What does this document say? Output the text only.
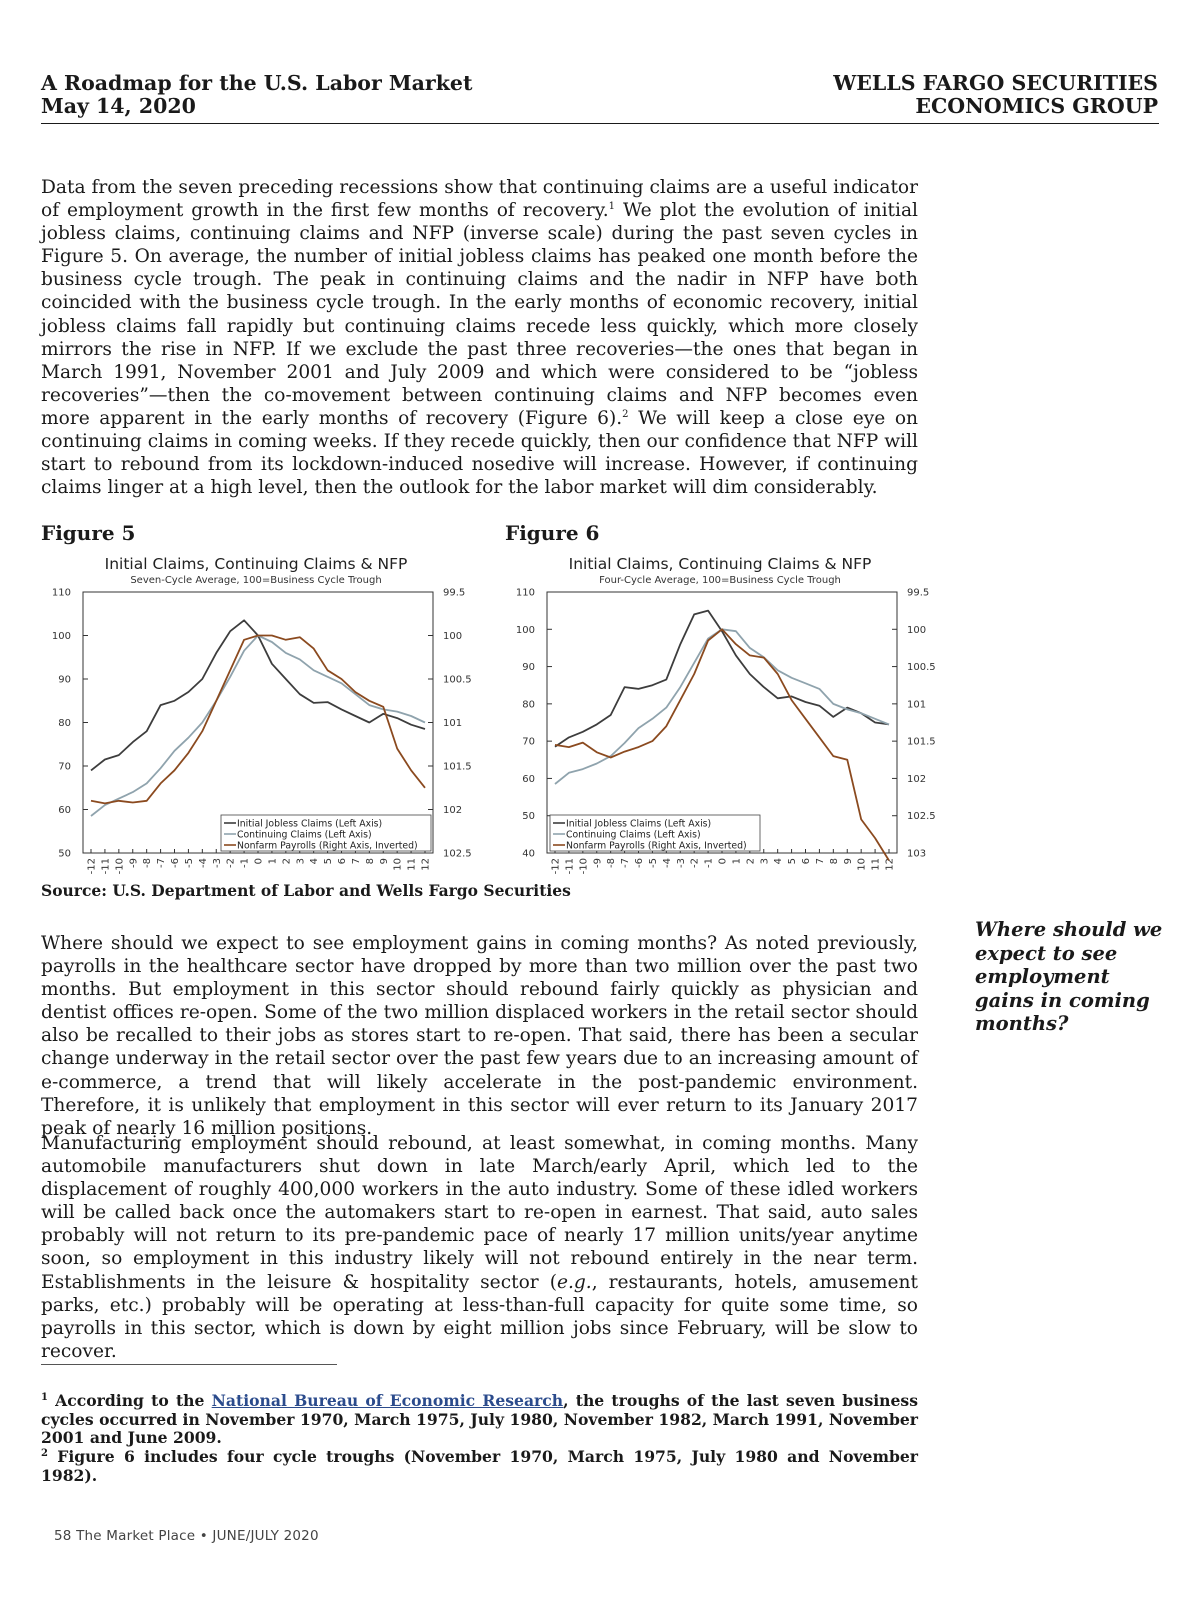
A Roadmap for the U.S. Labor Market
May 14, 2020
WELLS FARGO SECURITIES
ECONOMICS GROUP
Data from the seven preceding recessions show that continuing claims are a useful indicator of employment growth in the first few months of recovery.$^1$ We plot the evolution of initial jobless claims, continuing claims and NFP (inverse scale) during the past seven cycles in Figure 5. On average, the number of initial jobless claims has peaked one month before the business cycle trough. The peak in continuing claims and the nadir in NFP have both coincided with the business cycle trough. In the early months of economic recovery, initial jobless claims fall rapidly but continuing claims recede less quickly, which more closely mirrors the rise in NFP. If we exclude the past three recoveries—the ones that began in March 1991, November 2001 and July 2009 and which were considered to be “jobless recoveries”—then the co-movement between continuing claims and NFP becomes even more apparent in the early months of recovery (Figure 6).$^2$ We will keep a close eye on continuing claims in coming weeks. If they recede quickly, then our confidence that NFP will start to rebound from its lockdown-induced nosedive will increase. However, if continuing claims linger at a high level, then the outlook for the labor market will dim considerably.
Figure 5	Figure 6
Initial Claims, Continuing Claims & NFP
Seven-Cycle Average, 100=Business Cycle Trough
50
60
70
80
90
100
110	99.5
100
100.5
101
101.5
102
102.5
-12 -11 -10 -9 -8 -7 -6 -5 -4 -3 -2 -1 0 1 2 3 4 5 6 7 8 9 10 11 12
Initial Jobless Claims (Left Axis)
Continuing Claims (Left Axis)
Nonfarm Payrolls (Right Axis, Inverted)
Initial Claims, Continuing Claims & NFP
Four-Cycle Average, 100=Business Cycle Trough
40
50
60
70
80
90
100
110	99.5
100
100.5
101
101.5
102
102.5
103
-12 -11 -10 -9 -8 -7 -6 -5 -4 -3 -2 -1 0 1 2 3 4 5 6 7 8 9 10 11 12
Initial Jobless Claims (Left Axis)
Continuing Claims (Left Axis)
Nonfarm Payrolls (Right Axis, Inverted)
Source: U.S. Department of Labor and Wells Fargo Securities
Where should we expect to see employment gains in coming months? As noted previously, payrolls in the healthcare sector have dropped by more than two million over the past two months. But employment in this sector should rebound fairly quickly as physician and dentist offices re-open. Some of the two million displaced workers in the retail sector should also be recalled to their jobs as stores start to re-open. That said, there has been a secular change underway in the retail sector over the past few years due to an increasing amount of e-commerce, a trend that will likely accelerate in the post-pandemic environment. Therefore, it is unlikely that employment in this sector will ever return to its January 2017 peak of nearly 16 million positions.
Where should we expect to see employment gains in coming months?
Manufacturing employment should rebound, at least somewhat, in coming months. Many automobile manufacturers shut down in late March/early April, which led to the displacement of roughly 400,000 workers in the auto industry. Some of these idled workers will be called back once the automakers start to re-open in earnest. That said, auto sales probably will not return to its pre-pandemic pace of nearly 17 million units/year anytime soon, so employment in this industry likely will not rebound entirely in the near term. Establishments in the leisure & hospitality sector (e.g., restaurants, hotels, amusement parks, etc.) probably will be operating at less-than-full capacity for quite some time, so payrolls in this sector, which is down by eight million jobs since February, will be slow to recover.
$^1$ According to the National Bureau of Economic Research, the troughs of the last seven business cycles occurred in November 1970, March 1975, July 1980, November 1982, March 1991, November 2001 and June 2009.
$^2$ Figure 6 includes four cycle troughs (November 1970, March 1975, July 1980 and November 1982).
58 The Market Place • JUNE/JULY 2020
